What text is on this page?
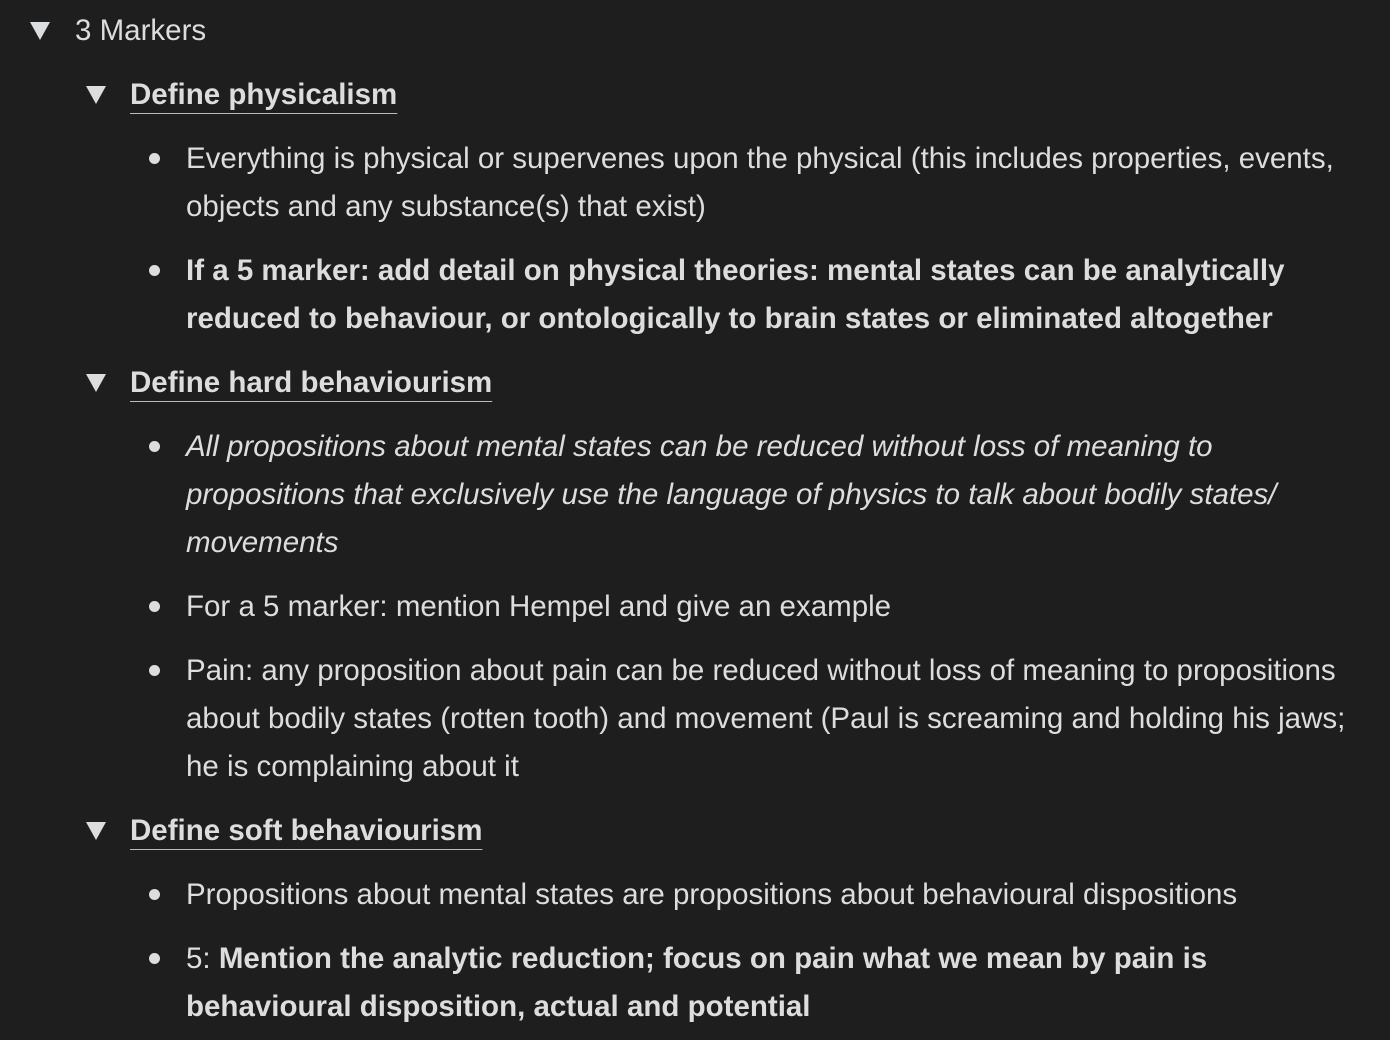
3 Markers
Define physicalism
Everything is physical or supervenes upon the physical (this includes properties, events, objects and any substance(s) that exist)
If a 5 marker: add detail on physical theories: mental states can be analytically reduced to behaviour, or ontologically to brain states or eliminated altogether
Define hard behaviourism
All propositions about mental states can be reduced without loss of meaning to propositions that exclusively use the language of physics to talk about bodily states/ movements
For a 5 marker: mention Hempel and give an example
Pain: any proposition about pain can be reduced without loss of meaning to propositions about bodily states (rotten tooth) and movement (Paul is screaming and holding his jaws; he is complaining about it
Define soft behaviourism
Propositions about mental states are propositions about behavioural dispositions
5: Mention the analytic reduction; focus on pain what we mean by pain is behavioural disposition, actual and potential
